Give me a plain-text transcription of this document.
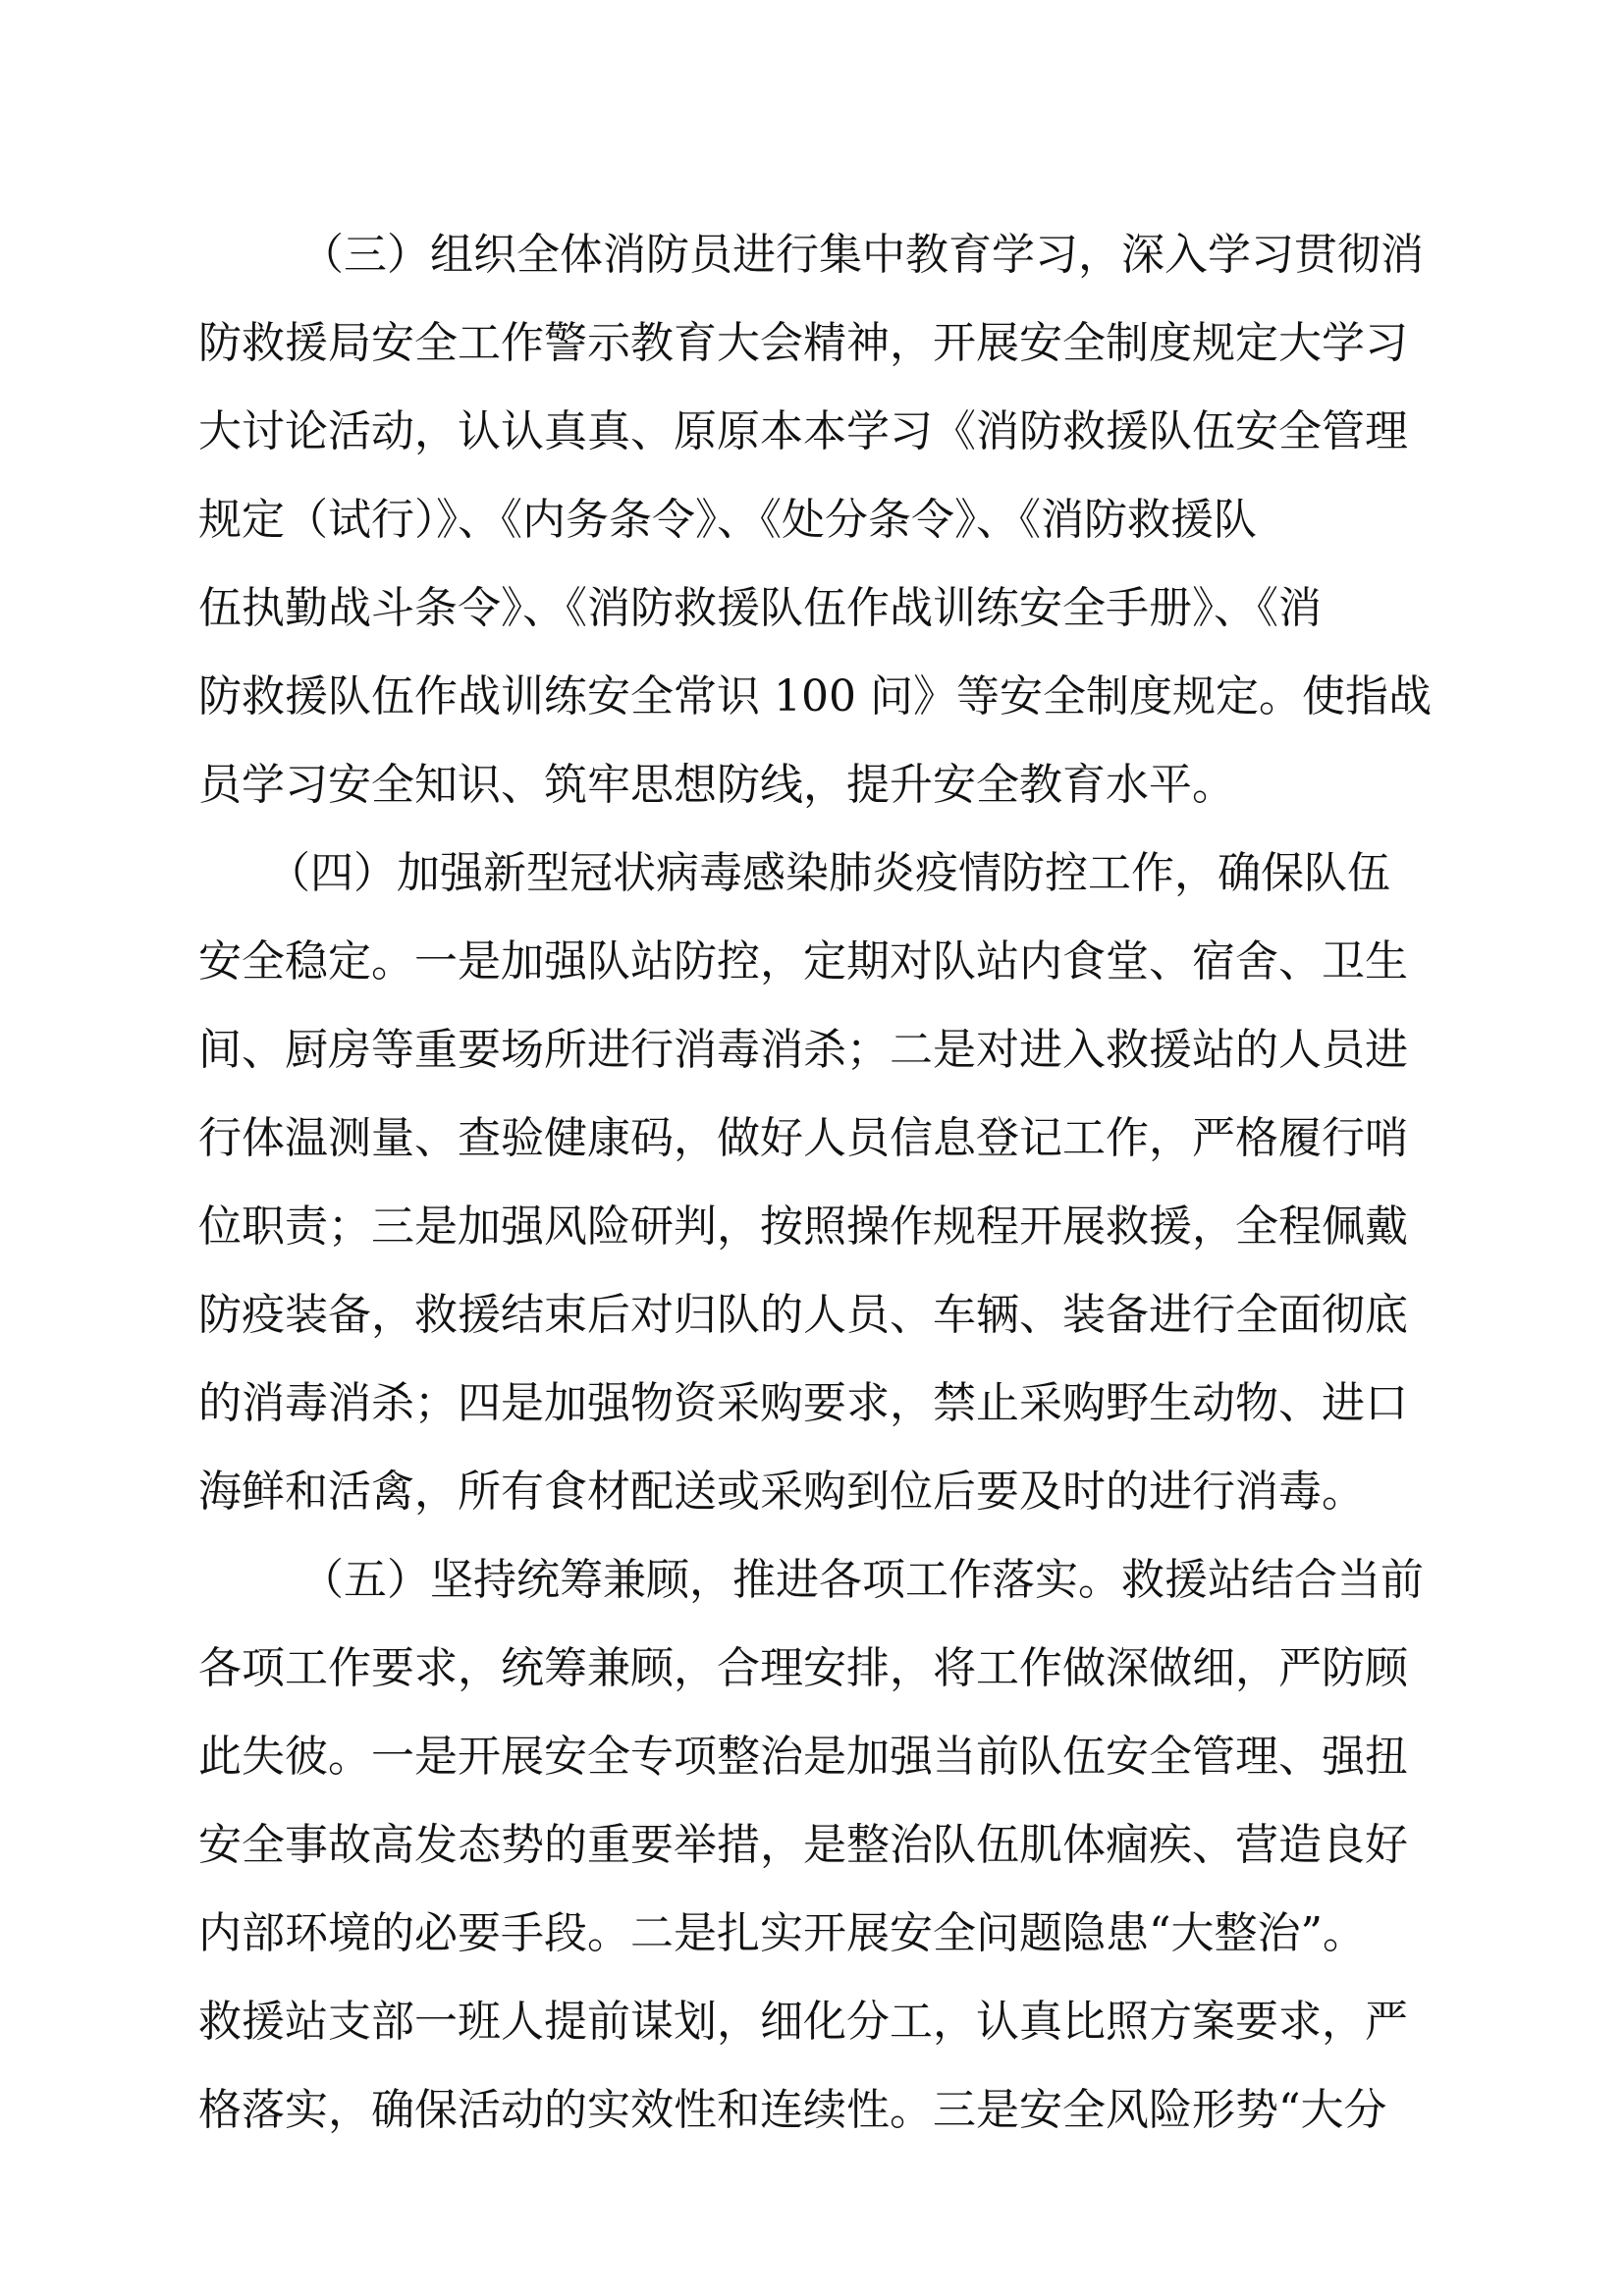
（三）组织全体消防员进行集中教育学习，深入学习贯彻消

防救援局安全工作警示教育大会精神，开展安全制度规定大学习

大讨论活动，认认真真、原原本本学习《消防救援队伍安全管理

规定（试行）》、《内务条令》、《处分条令》、《消防救援队

伍执勤战斗条令》、《消防救援队伍作战训练安全手册》、《消

防救援队伍作战训练安全常识 100 问》等安全制度规定。使指战

员学习安全知识、筑牢思想防线，提升安全教育水平。

（四）加强新型冠状病毒感染肺炎疫情防控工作，确保队伍

安全稳定。一是加强队站防控，定期对队站内食堂、宿舍、卫生

间、厨房等重要场所进行消毒消杀；二是对进入救援站的人员进

行体温测量、查验健康码，做好人员信息登记工作，严格履行哨

位职责；三是加强风险研判，按照操作规程开展救援，全程佩戴

防疫装备，救援结束后对归队的人员、车辆、装备进行全面彻底

的消毒消杀；四是加强物资采购要求，禁止采购野生动物、进口

海鲜和活禽，所有食材配送或采购到位后要及时的进行消毒。

（五）坚持统筹兼顾，推进各项工作落实。救援站结合当前

各项工作要求，统筹兼顾，合理安排，将工作做深做细，严防顾

此失彼。一是开展安全专项整治是加强当前队伍安全管理、强扭

安全事故高发态势的重要举措，是整治队伍肌体痼疾、营造良好

内部环境的必要手段。二是扎实开展安全问题隐患“大整治”。

救援站支部一班人提前谋划，细化分工，认真比照方案要求，严

格落实，确保活动的实效性和连续性。三是安全风险形势“大分
